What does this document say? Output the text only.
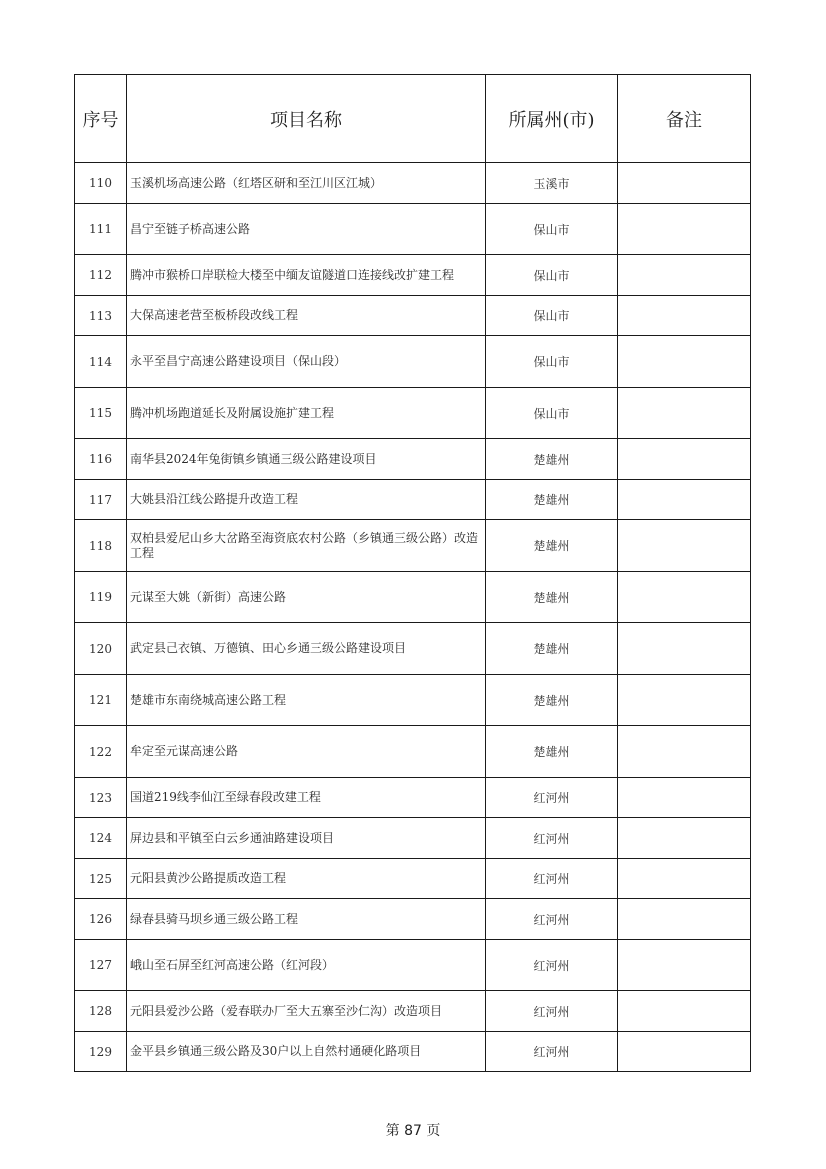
序号	项目名称	所属州(市)	备注
110	玉溪机场高速公路（红塔区研和至江川区江城）	玉溪市	
111	昌宁至链子桥高速公路	保山市	
112	腾冲市猴桥口岸联检大楼至中缅友谊隧道口连接线改扩建工程	保山市	
113	大保高速老营至板桥段改线工程	保山市	
114	永平至昌宁高速公路建设项目（保山段）	保山市	
115	腾冲机场跑道延长及附属设施扩建工程	保山市	
116	南华县2024年兔街镇乡镇通三级公路建设项目	楚雄州	
117	大姚县沿江线公路提升改造工程	楚雄州	
118	双柏县爱尼山乡大岔路至海资底农村公路（乡镇通三级公路）改造工程	楚雄州	
119	元谋至大姚（新街）高速公路	楚雄州	
120	武定县己衣镇、万德镇、田心乡通三级公路建设项目	楚雄州	
121	楚雄市东南绕城高速公路工程	楚雄州	
122	牟定至元谋高速公路	楚雄州	
123	国道219线李仙江至绿春段改建工程	红河州	
124	屏边县和平镇至白云乡通油路建设项目	红河州	
125	元阳县黄沙公路提质改造工程	红河州	
126	绿春县骑马坝乡通三级公路工程	红河州	
127	峨山至石屏至红河高速公路（红河段）	红河州	
128	元阳县爱沙公路（爱春联办厂至大五寨至沙仁沟）改造项目	红河州	
129	金平县乡镇通三级公路及30户以上自然村通硬化路项目	红河州	
第 87 页
